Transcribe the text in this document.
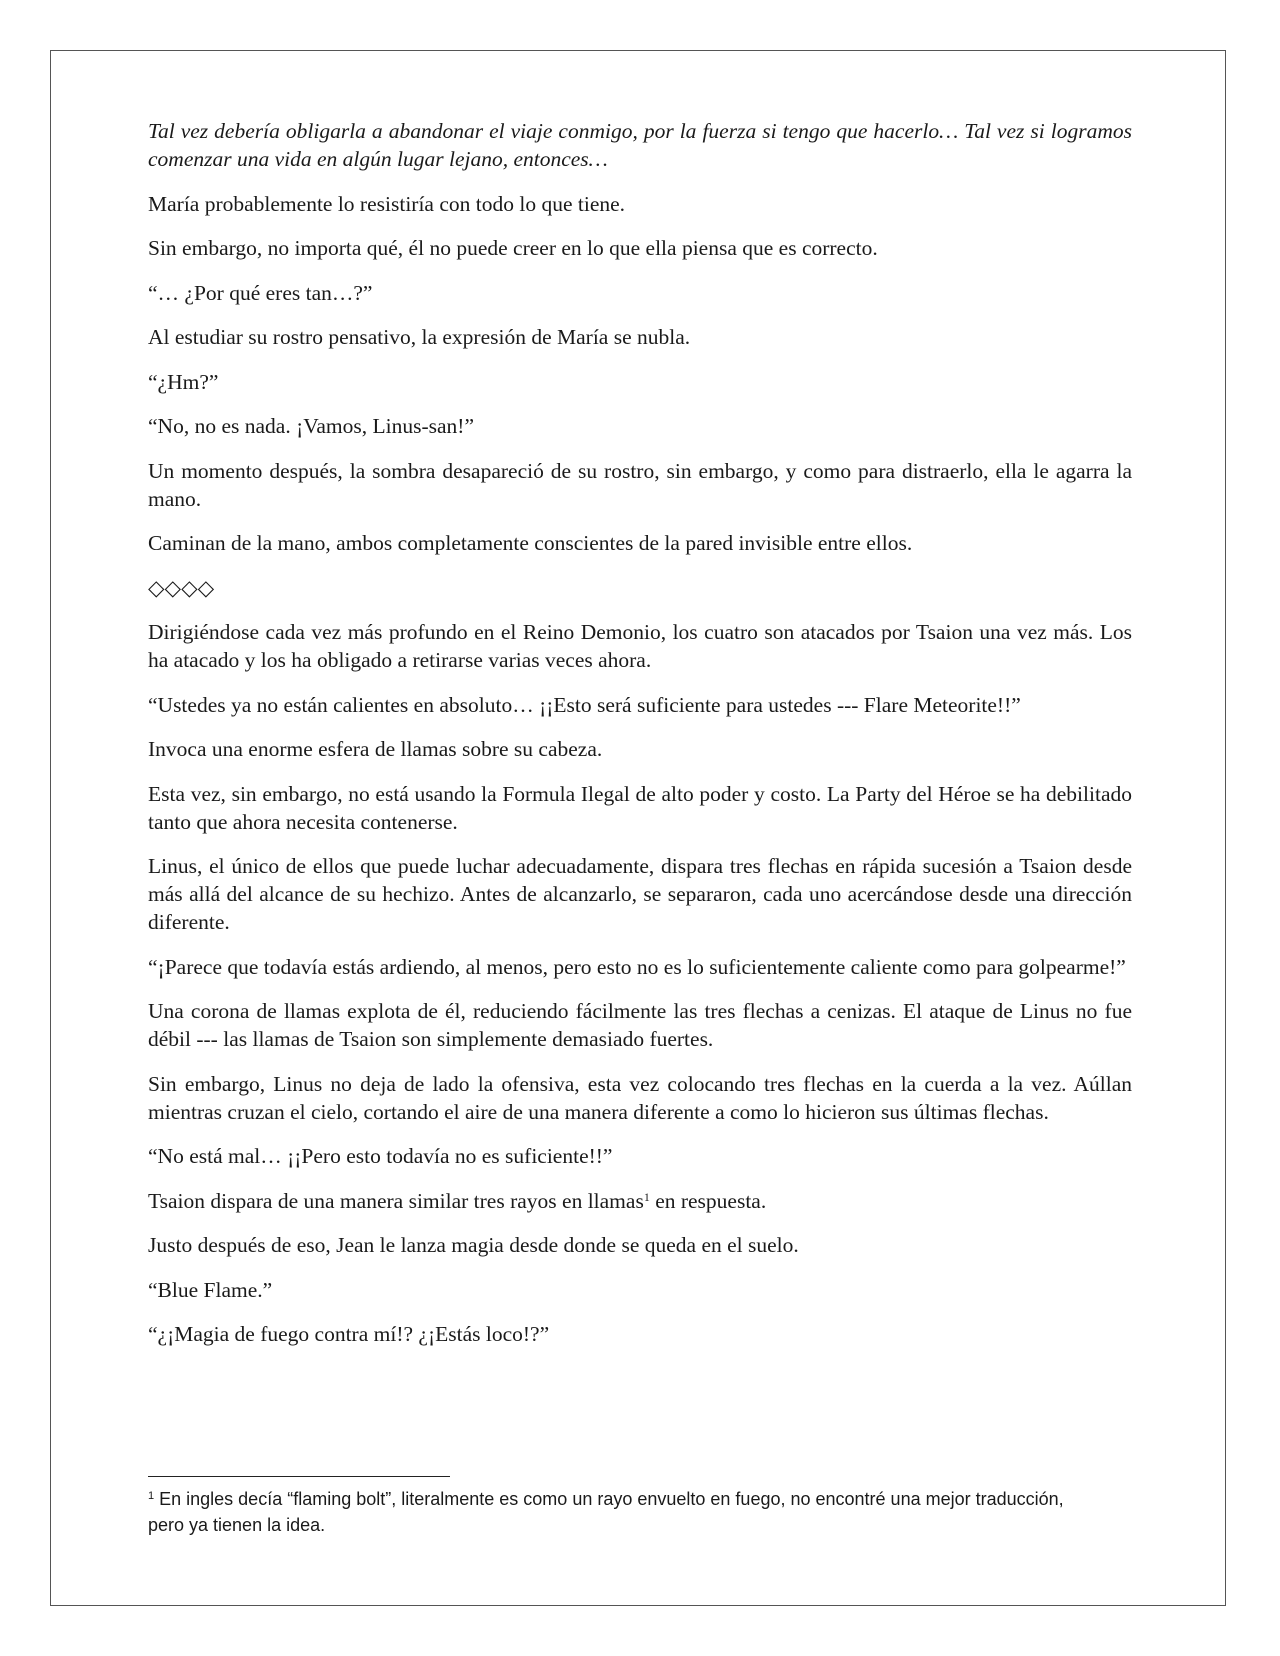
Tal vez debería obligarla a abandonar el viaje conmigo, por la fuerza si tengo que hacerlo… Tal vez si logramos comenzar una vida en algún lugar lejano, entonces…

María probablemente lo resistiría con todo lo que tiene.

Sin embargo, no importa qué, él no puede creer en lo que ella piensa que es correcto.

“… ¿Por qué eres tan…?”

Al estudiar su rostro pensativo, la expresión de María se nubla.

“¿Hm?”

“No, no es nada. ¡Vamos, Linus-san!”

Un momento después, la sombra desapareció de su rostro, sin embargo, y como para distraerlo, ella le agarra la mano.

Caminan de la mano, ambos completamente conscientes de la pared invisible entre ellos.

◇◇◇◇

Dirigiéndose cada vez más profundo en el Reino Demonio, los cuatro son atacados por Tsaion una vez más. Los ha atacado y los ha obligado a retirarse varias veces ahora.

“Ustedes ya no están calientes en absoluto… ¡¡Esto será suficiente para ustedes --- Flare Meteorite!!”

Invoca una enorme esfera de llamas sobre su cabeza.

Esta vez, sin embargo, no está usando la Formula Ilegal de alto poder y costo. La Party del Héroe se ha debilitado tanto que ahora necesita contenerse.

Linus, el único de ellos que puede luchar adecuadamente, dispara tres flechas en rápida sucesión a Tsaion desde más allá del alcance de su hechizo. Antes de alcanzarlo, se separaron, cada uno acercándose desde una dirección diferente.

“¡Parece que todavía estás ardiendo, al menos, pero esto no es lo suficientemente caliente como para golpearme!”

Una corona de llamas explota de él, reduciendo fácilmente las tres flechas a cenizas. El ataque de Linus no fue débil --- las llamas de Tsaion son simplemente demasiado fuertes.

Sin embargo, Linus no deja de lado la ofensiva, esta vez colocando tres flechas en la cuerda a la vez. Aúllan mientras cruzan el cielo, cortando el aire de una manera diferente a como lo hicieron sus últimas flechas.

“No está mal… ¡¡Pero esto todavía no es suficiente!!”

Tsaion dispara de una manera similar tres rayos en llamas$^1$ en respuesta.

Justo después de eso, Jean le lanza magia desde donde se queda en el suelo.

“Blue Flame.”

“¿¡Magia de fuego contra mí!? ¿¡Estás loco!?”

$^1$ En ingles decía “flaming bolt”, literalmente es como un rayo envuelto en fuego, no encontré una mejor traducción, pero ya tienen la idea.
